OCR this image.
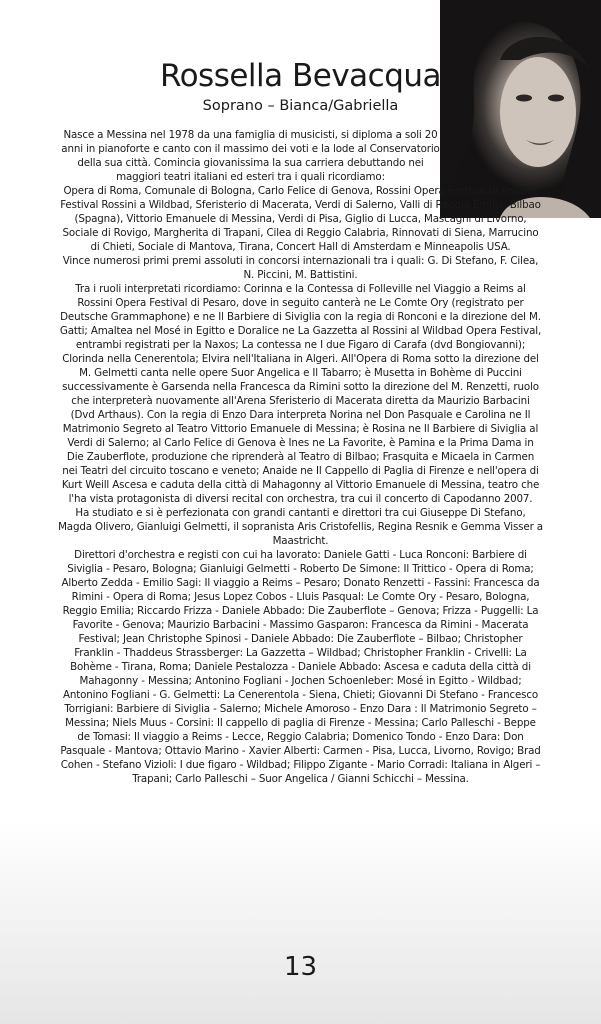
Rossella Bevacqua

Soprano – Bianca/Gabriella

Nasce a Messina nel 1978 da una famiglia di musicisti, si diploma a soli 20 anni in pianoforte e canto con il massimo dei voti e la lode al Conservatorio della sua città. Comincia giovanissima la sua carriera debuttando nei maggiori teatri italiani ed esteri tra i quali ricordiamo:

Opera di Roma, Comunale di Bologna, Carlo Felice di Genova, Rossini Opera Festival di Pesaro, Festival Rossini a Wildbad, Sferisterio di Macerata, Verdi di Salerno, Valli di Reggio Emilia, Bilbao (Spagna), Vittorio Emanuele di Messina, Verdi di Pisa, Giglio di Lucca, Mascagni di Livorno, Sociale di Rovigo, Margherita di Trapani, Cilea di Reggio Calabria, Rinnovati di Siena, Marrucino di Chieti, Sociale di Mantova, Tirana, Concert Hall di Amsterdam e Minneapolis USA.

Vince numerosi primi premi assoluti in concorsi internazionali tra i quali: G. Di Stefano, F. Cilea, N. Piccini, M. Battistini.

Tra i ruoli interpretati ricordiamo: Corinna e la Contessa di Folleville nel Viaggio a Reims al Rossini Opera Festival di Pesaro, dove in seguito canterà ne Le Comte Ory (registrato per Deutsche Grammaphone) e ne Il Barbiere di Siviglia con la regia di Ronconi e la direzione del M. Gatti; Amaltea nel Mosé in Egitto e Doralice ne La Gazzetta al Rossini al Wildbad Opera Festival, entrambi registrati per la Naxos; La contessa ne I due Figaro di Carafa (dvd Bongiovanni); Clorinda nella Cenerentola; Elvira nell'Italiana in Algeri. All'Opera di Roma sotto la direzione del M. Gelmetti canta nelle opere Suor Angelica e Il Tabarro; è Musetta in Bohème di Puccini successivamente è Garsenda nella Francesca da Rimini sotto la direzione del M. Renzetti, ruolo che interpreterà nuovamente all'Arena Sferisterio di Macerata diretta da Maurizio Barbacini (Dvd Arthaus). Con la regia di Enzo Dara interpreta Norina nel Don Pasquale e Carolina ne Il Matrimonio Segreto al Teatro Vittorio Emanuele di Messina; è Rosina ne Il Barbiere di Siviglia al Verdi di Salerno; al Carlo Felice di Genova è Ines ne La Favorite, è Pamina e la Prima Dama in Die Zauberflote, produzione che riprenderà al Teatro di Bilbao; Frasquita e Micaela in Carmen nei Teatri del circuito toscano e veneto; Anaide ne Il Cappello di Paglia di Firenze e nell'opera di Kurt Weill Ascesa e caduta della città di Mahagonny al Vittorio Emanuele di Messina, teatro che l'ha vista protagonista di diversi recital con orchestra, tra cui il concerto di Capodanno 2007.

Ha studiato e si è perfezionata con grandi cantanti e direttori tra cui Giuseppe Di Stefano, Magda Olivero, Gianluigi Gelmetti, il sopranista Aris Cristofellis, Regina Resnik e Gemma Visser a Maastricht.

Direttori d'orchestra e registi con cui ha lavorato: Daniele Gatti - Luca Ronconi: Barbiere di Siviglia - Pesaro, Bologna; Gianluigi Gelmetti - Roberto De Simone: Il Trittico - Opera di Roma; Alberto Zedda - Emilio Sagi: Il viaggio a Reims – Pesaro; Donato Renzetti - Fassini: Francesca da Rimini - Opera di Roma; Jesus Lopez Cobos - Lluis Pasqual: Le Comte Ory - Pesaro, Bologna, Reggio Emilia; Riccardo Frizza - Daniele Abbado: Die Zauberflote – Genova; Frizza - Puggelli: La Favorite - Genova; Maurizio Barbacini - Massimo Gasparon: Francesca da Rimini - Macerata Festival; Jean Christophe Spinosi - Daniele Abbado: Die Zauberflote – Bilbao; Christopher Franklin - Thaddeus Strassberger: La Gazzetta – Wildbad; Christopher Franklin - Crivelli: La Bohème - Tirana, Roma; Daniele Pestalozza - Daniele Abbado: Ascesa e caduta della città di Mahagonny - Messina; Antonino Fogliani - Jochen Schoenleber: Mosé in Egitto - Wildbad; Antonino Fogliani - G. Gelmetti: La Cenerentola - Siena, Chieti; Giovanni Di Stefano - Francesco Torrigiani: Barbiere di Siviglia - Salerno; Michele Amoroso - Enzo Dara : Il Matrimonio Segreto – Messina; Niels Muus - Corsini: Il cappello di paglia di Firenze - Messina; Carlo Palleschi - Beppe de Tomasi: Il viaggio a Reims - Lecce, Reggio Calabria; Domenico Tondo - Enzo Dara: Don Pasquale - Mantova; Ottavio Marino - Xavier Alberti: Carmen - Pisa, Lucca, Livorno, Rovigo; Brad Cohen - Stefano Vizioli: I due figaro - Wildbad; Filippo Zigante - Mario Corradi: Italiana in Algeri – Trapani; Carlo Palleschi – Suor Angelica / Gianni Schicchi – Messina.

13
